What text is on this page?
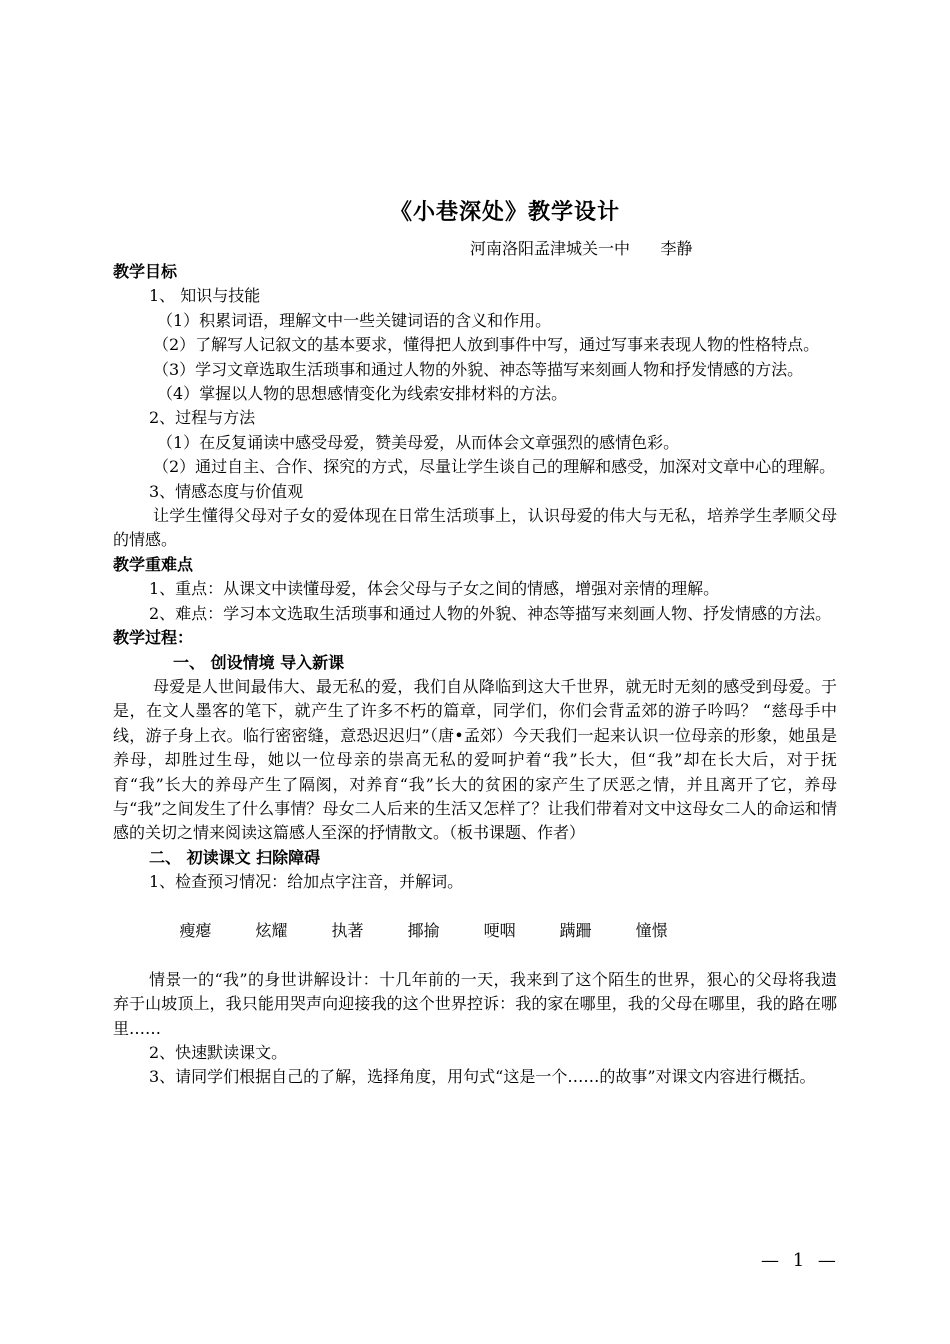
《小巷深处》教学设计
河南洛阳孟津城关一中      李静

教学目标

1、 知识与技能

（1）积累词语，理解文中一些关键词语的含义和作用。

（2）了解写人记叙文的基本要求，懂得把人放到事件中写，通过写事来表现人物的性格特点。

（3）学习文章选取生活琐事和通过人物的外貌、神态等描写来刻画人物和抒发情感的方法。

（4）掌握以人物的思想感情变化为线索安排材料的方法。

2、过程与方法

（1）在反复诵读中感受母爱，赞美母爱，从而体会文章强烈的感情色彩。

（2）通过自主、合作、探究的方式，尽量让学生谈自己的理解和感受，加深对文章中心的理解。

3、情感态度与价值观

让学生懂得父母对子女的爱体现在日常生活琐事上，认识母爱的伟大与无私，培养学生孝顺父母的情感。

教学重难点

1、重点：从课文中读懂母爱，体会父母与子女之间的情感，增强对亲情的理解。

2、难点：学习本文选取生活琐事和通过人物的外貌、神态等描写来刻画人物、抒发情感的方法。

教学过程：

一、 创设情境 导入新课

母爱是人世间最伟大、最无私的爱，我们自从降临到这大千世界，就无时无刻的感受到母爱。于是，在文人墨客的笔下，就产生了许多不朽的篇章，同学们，你们会背孟郊的游子吟吗？ “慈母手中线，游子身上衣。临行密密缝，意恐迟迟归”（唐•孟郊）今天我们一起来认识一位母亲的形象，她虽是养母，却胜过生母，她以一位母亲的崇高无私的爱呵护着“我”长大，但“我”却在长大后，对于抚育“我”长大的养母产生了隔阂，对养育“我”长大的贫困的家产生了厌恶之情，并且离开了它，养母与“我”之间发生了什么事情？母女二人后来的生活又怎样了？让我们带着对文中这母女二人的命运和情感的关切之情来阅读这篇感人至深的抒情散文。（板书课题、作者）

二、 初读课文 扫除障碍

1、检查预习情况：给加点字注音，并解词。

瘦瘪	炫耀	执著	揶揄	哽咽	蹒跚	憧憬

情景一的“我”的身世讲解设计：十几年前的一天，我来到了这个陌生的世界，狠心的父母将我遗弃于山坡顶上，我只能用哭声向迎接我的这个世界控诉：我的家在哪里，我的父母在哪里，我的路在哪里……

2、快速默读课文。

3、请同学们根据自己的了解，选择角度，用句式“这是一个……的故事”对课文内容进行概括。

— 1 —
